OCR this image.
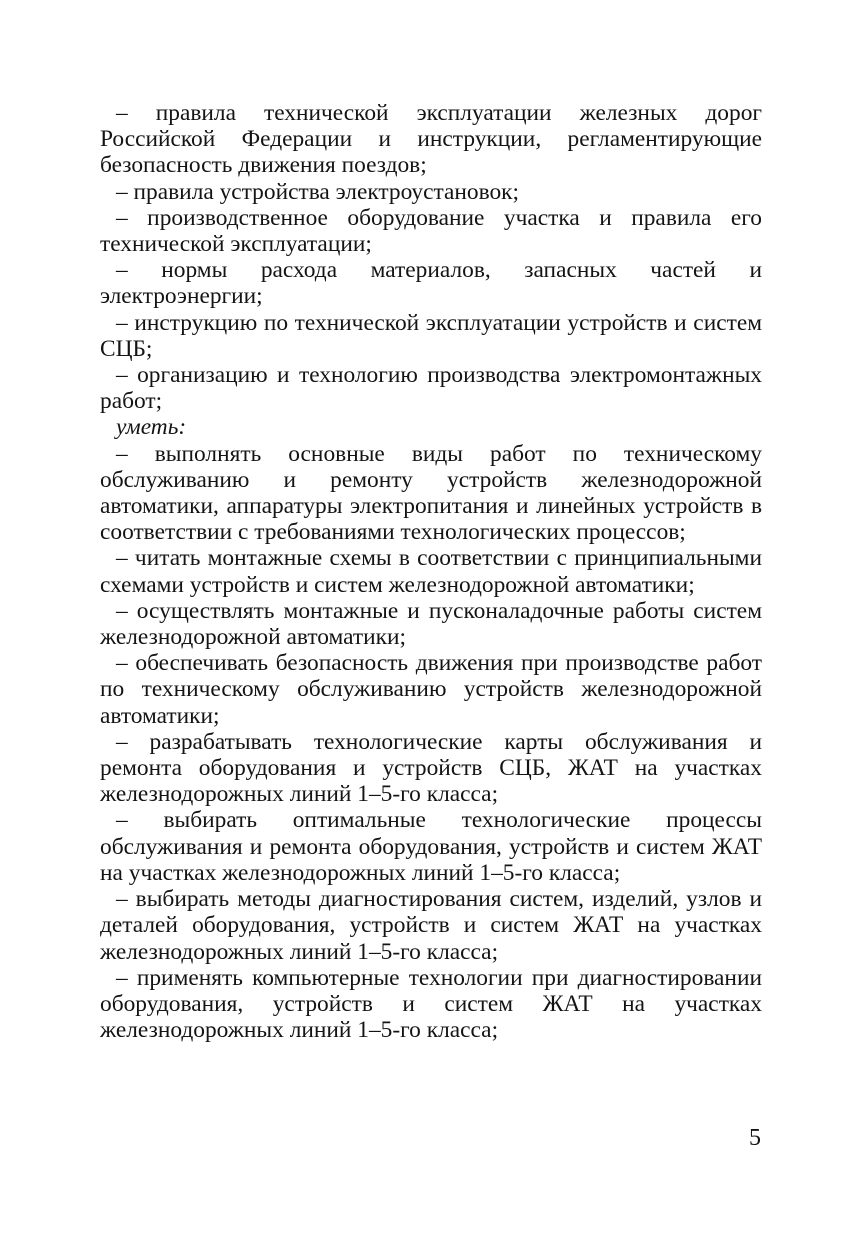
– правила технической эксплуатации железных дорог Российской Федерации и инструкции, регламентирующие безопасность движения поездов;

– правила устройства электроустановок;

– производственное оборудование участка и правила его технической эксплуатации;

– нормы расхода материалов, запасных частей и электроэнергии;

– инструкцию по технической эксплуатации устройств и систем СЦБ;

– организацию и технологию производства электромонтажных работ;

уметь:

– выполнять основные виды работ по техническому обслуживанию и ремонту устройств железнодорожной автоматики, аппаратуры электропитания и линейных устройств в соответствии с требованиями технологических процессов;

– читать монтажные схемы в соответствии с принципиальными схемами устройств и систем железнодорожной автоматики;

– осуществлять монтажные и пусконаладочные работы систем железнодорожной автоматики;

– обеспечивать безопасность движения при производстве работ по техническому обслуживанию устройств железнодорожной автоматики;

– разрабатывать технологические карты обслуживания и ремонта оборудования и устройств СЦБ, ЖАТ на участках железнодорожных линий 1–5-го класса;

– выбирать оптимальные технологические процессы обслуживания и ремонта оборудования, устройств и систем ЖАТ на участках железнодорожных линий 1–5-го класса;

– выбирать методы диагностирования систем, изделий, узлов и деталей оборудования, устройств и систем ЖАТ на участках железнодорожных линий 1–5-го класса;

– применять компьютерные технологии при диагностировании оборудования, устройств и систем ЖАТ на участках железнодорожных линий 1–5-го класса;

5
